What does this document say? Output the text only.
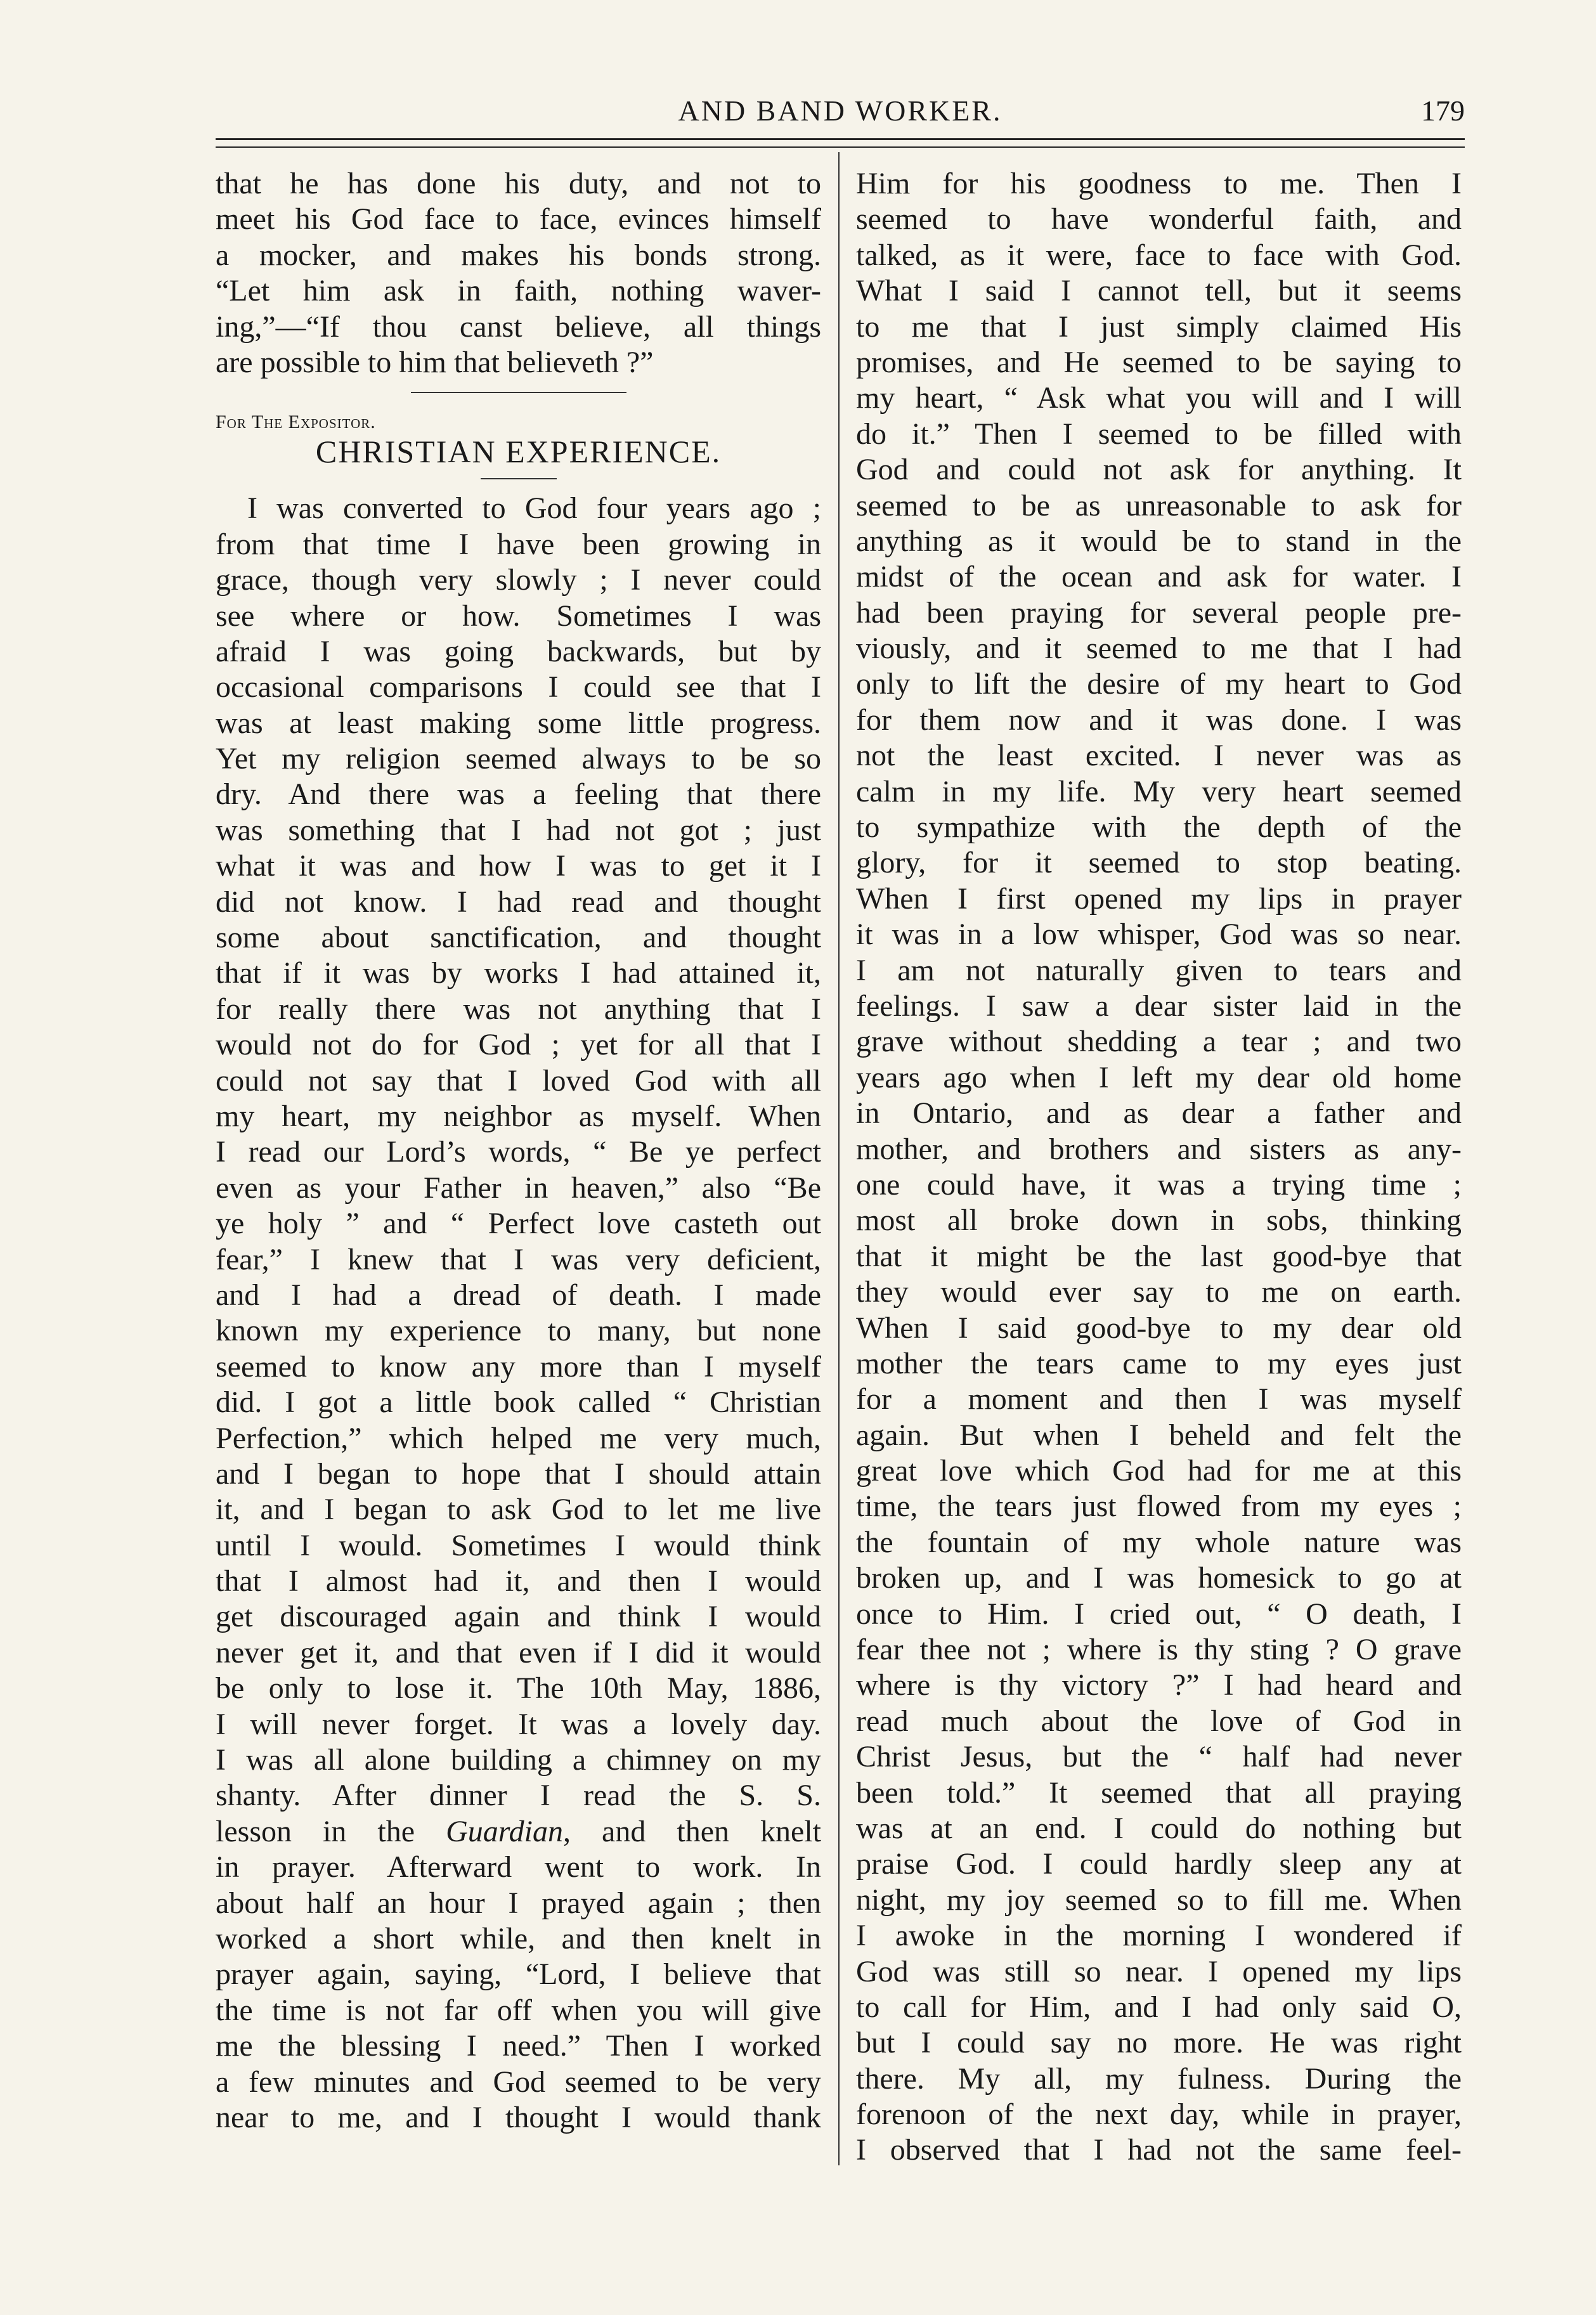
AND BAND WORKER.	179
that he has done his duty, and not to
meet his God face to face, evinces himself
a mocker, and makes his bonds strong.
“Let him ask in faith, nothing waver-
ing,”—“If thou canst believe, all things
are possible to him that believeth ?”
For The Expositor.
CHRISTIAN EXPERIENCE.
I was converted to God four years ago ;
from that time I have been growing in
grace, though very slowly ; I never could
see where or how. Sometimes I was
afraid I was going backwards, but by
occasional comparisons I could see that I
was at least making some little progress.
Yet my religion seemed always to be so
dry. And there was a feeling that there
was something that I had not got ; just
what it was and how I was to get it I
did not know. I had read and thought
some about sanctification, and thought
that if it was by works I had attained it,
for really there was not anything that I
would not do for God ; yet for all that I
could not say that I loved God with all
my heart, my neighbor as myself. When
I read our Lord’s words, “ Be ye perfect
even as your Father in heaven,” also “Be
ye holy ” and “ Perfect love casteth out
fear,” I knew that I was very deficient,
and I had a dread of death. I made
known my experience to many, but none
seemed to know any more than I myself
did. I got a little book called “ Christian
Perfection,” which helped me very much,
and I began to hope that I should attain
it, and I began to ask God to let me live
until I would. Sometimes I would think
that I almost had it, and then I would
get discouraged again and think I would
never get it, and that even if I did it would
be only to lose it. The 10th May, 1886,
I will never forget. It was a lovely day.
I was all alone building a chimney on my
shanty. After dinner I read the S. S.
lesson in the Guardian, and then knelt
in prayer. Afterward went to work. In
about half an hour I prayed again ; then
worked a short while, and then knelt in
prayer again, saying, “Lord, I believe that
the time is not far off when you will give
me the blessing I need.” Then I worked
a few minutes and God seemed to be very
near to me, and I thought I would thank
Him for his goodness to me. Then I
seemed to have wonderful faith, and
talked, as it were, face to face with God.
What I said I cannot tell, but it seems
to me that I just simply claimed His
promises, and He seemed to be saying to
my heart, “ Ask what you will and I will
do it.” Then I seemed to be filled with
God and could not ask for anything. It
seemed to be as unreasonable to ask for
anything as it would be to stand in the
midst of the ocean and ask for water. I
had been praying for several people pre-
viously, and it seemed to me that I had
only to lift the desire of my heart to God
for them now and it was done. I was
not the least excited. I never was as
calm in my life. My very heart seemed
to sympathize with the depth of the
glory, for it seemed to stop beating.
When I first opened my lips in prayer
it was in a low whisper, God was so near.
I am not naturally given to tears and
feelings. I saw a dear sister laid in the
grave without shedding a tear ; and two
years ago when I left my dear old home
in Ontario, and as dear a father and
mother, and brothers and sisters as any-
one could have, it was a trying time ;
most all broke down in sobs, thinking
that it might be the last good-bye that
they would ever say to me on earth.
When I said good-bye to my dear old
mother the tears came to my eyes just
for a moment and then I was myself
again. But when I beheld and felt the
great love which God had for me at this
time, the tears just flowed from my eyes ;
the fountain of my whole nature was
broken up, and I was homesick to go at
once to Him. I cried out, “ O death, I
fear thee not ; where is thy sting ? O grave
where is thy victory ?” I had heard and
read much about the love of God in
Christ Jesus, but the “ half had never
been told.” It seemed that all praying
was at an end. I could do nothing but
praise God. I could hardly sleep any at
night, my joy seemed so to fill me. When
I awoke in the morning I wondered if
God was still so near. I opened my lips
to call for Him, and I had only said O,
but I could say no more. He was right
there. My all, my fulness. During the
forenoon of the next day, while in prayer,
I observed that I had not the same feel-
